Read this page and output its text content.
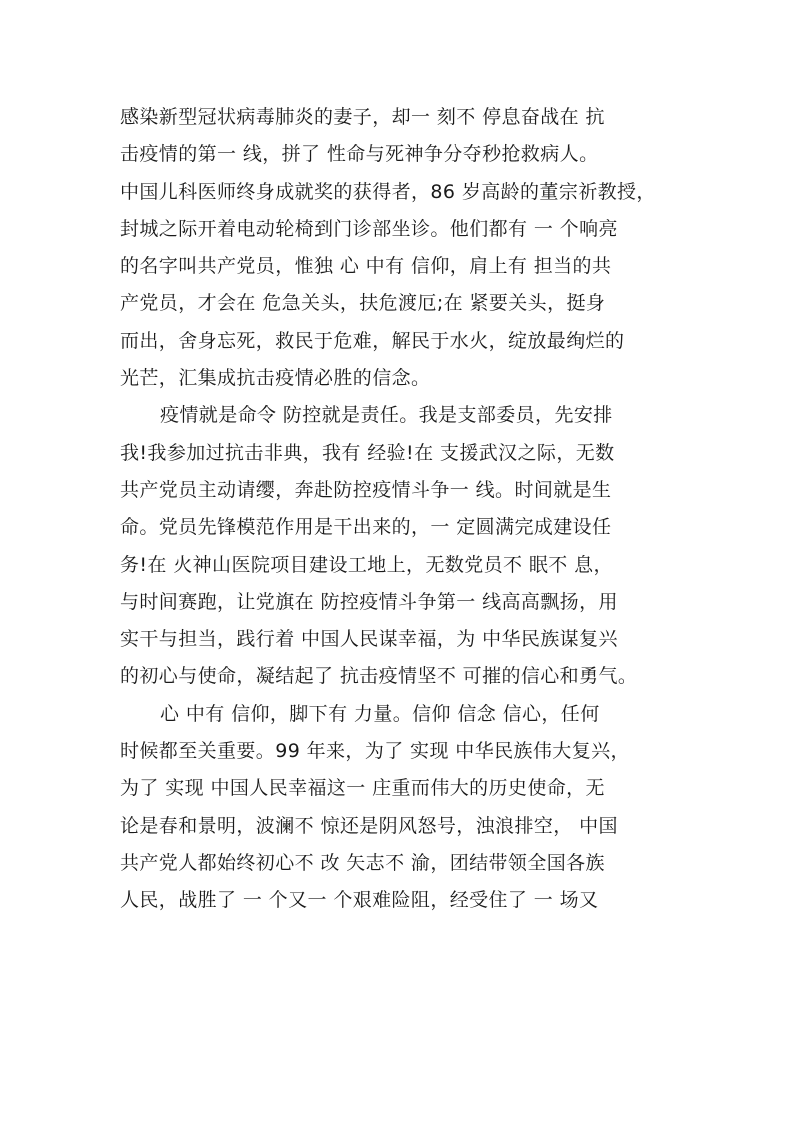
感染新型冠状病毒肺炎的妻子，却一 刻不 停息奋战在 抗
击疫情的第一 线，拼了 性命与死神争分夺秒抢救病人。
中国儿科医师终身成就奖的获得者，86 岁高龄的董宗祈教授，
封城之际开着电动轮椅到门诊部坐诊。他们都有 一 个响亮
的名字叫共产党员，惟独 心 中有 信仰，肩上有 担当的共
产党员，才会在 危急关头，扶危渡厄;在 紧要关头，挺身
而出，舍身忘死，救民于危难，解民于水火，绽放最绚烂的
光芒，汇集成抗击疫情必胜的信念。
疫情就是命令 防控就是责任。我是支部委员，先安排
我!我参加过抗击非典，我有 经验!在 支援武汉之际，无数
共产党员主动请缨，奔赴防控疫情斗争一 线。时间就是生
命。党员先锋模范作用是干出来的，一 定圆满完成建设任
务!在 火神山医院项目建设工地上，无数党员不 眠不 息，
与时间赛跑，让党旗在 防控疫情斗争第一 线高高飘扬，用
实干与担当，践行着 中国人民谋幸福，为 中华民族谋复兴
的初心与使命，凝结起了 抗击疫情坚不 可摧的信心和勇气。
心 中有 信仰，脚下有 力量。信仰 信念 信心，任何
时候都至关重要。99 年来，为了 实现 中华民族伟大复兴，
为了 实现 中国人民幸福这一 庄重而伟大的历史使命，无
论是春和景明，波澜不 惊还是阴风怒号，浊浪排空， 中国
共产党人都始终初心不 改 矢志不 渝，团结带领全国各族
人民，战胜了 一 个又一 个艰难险阻，经受住了 一 场又
